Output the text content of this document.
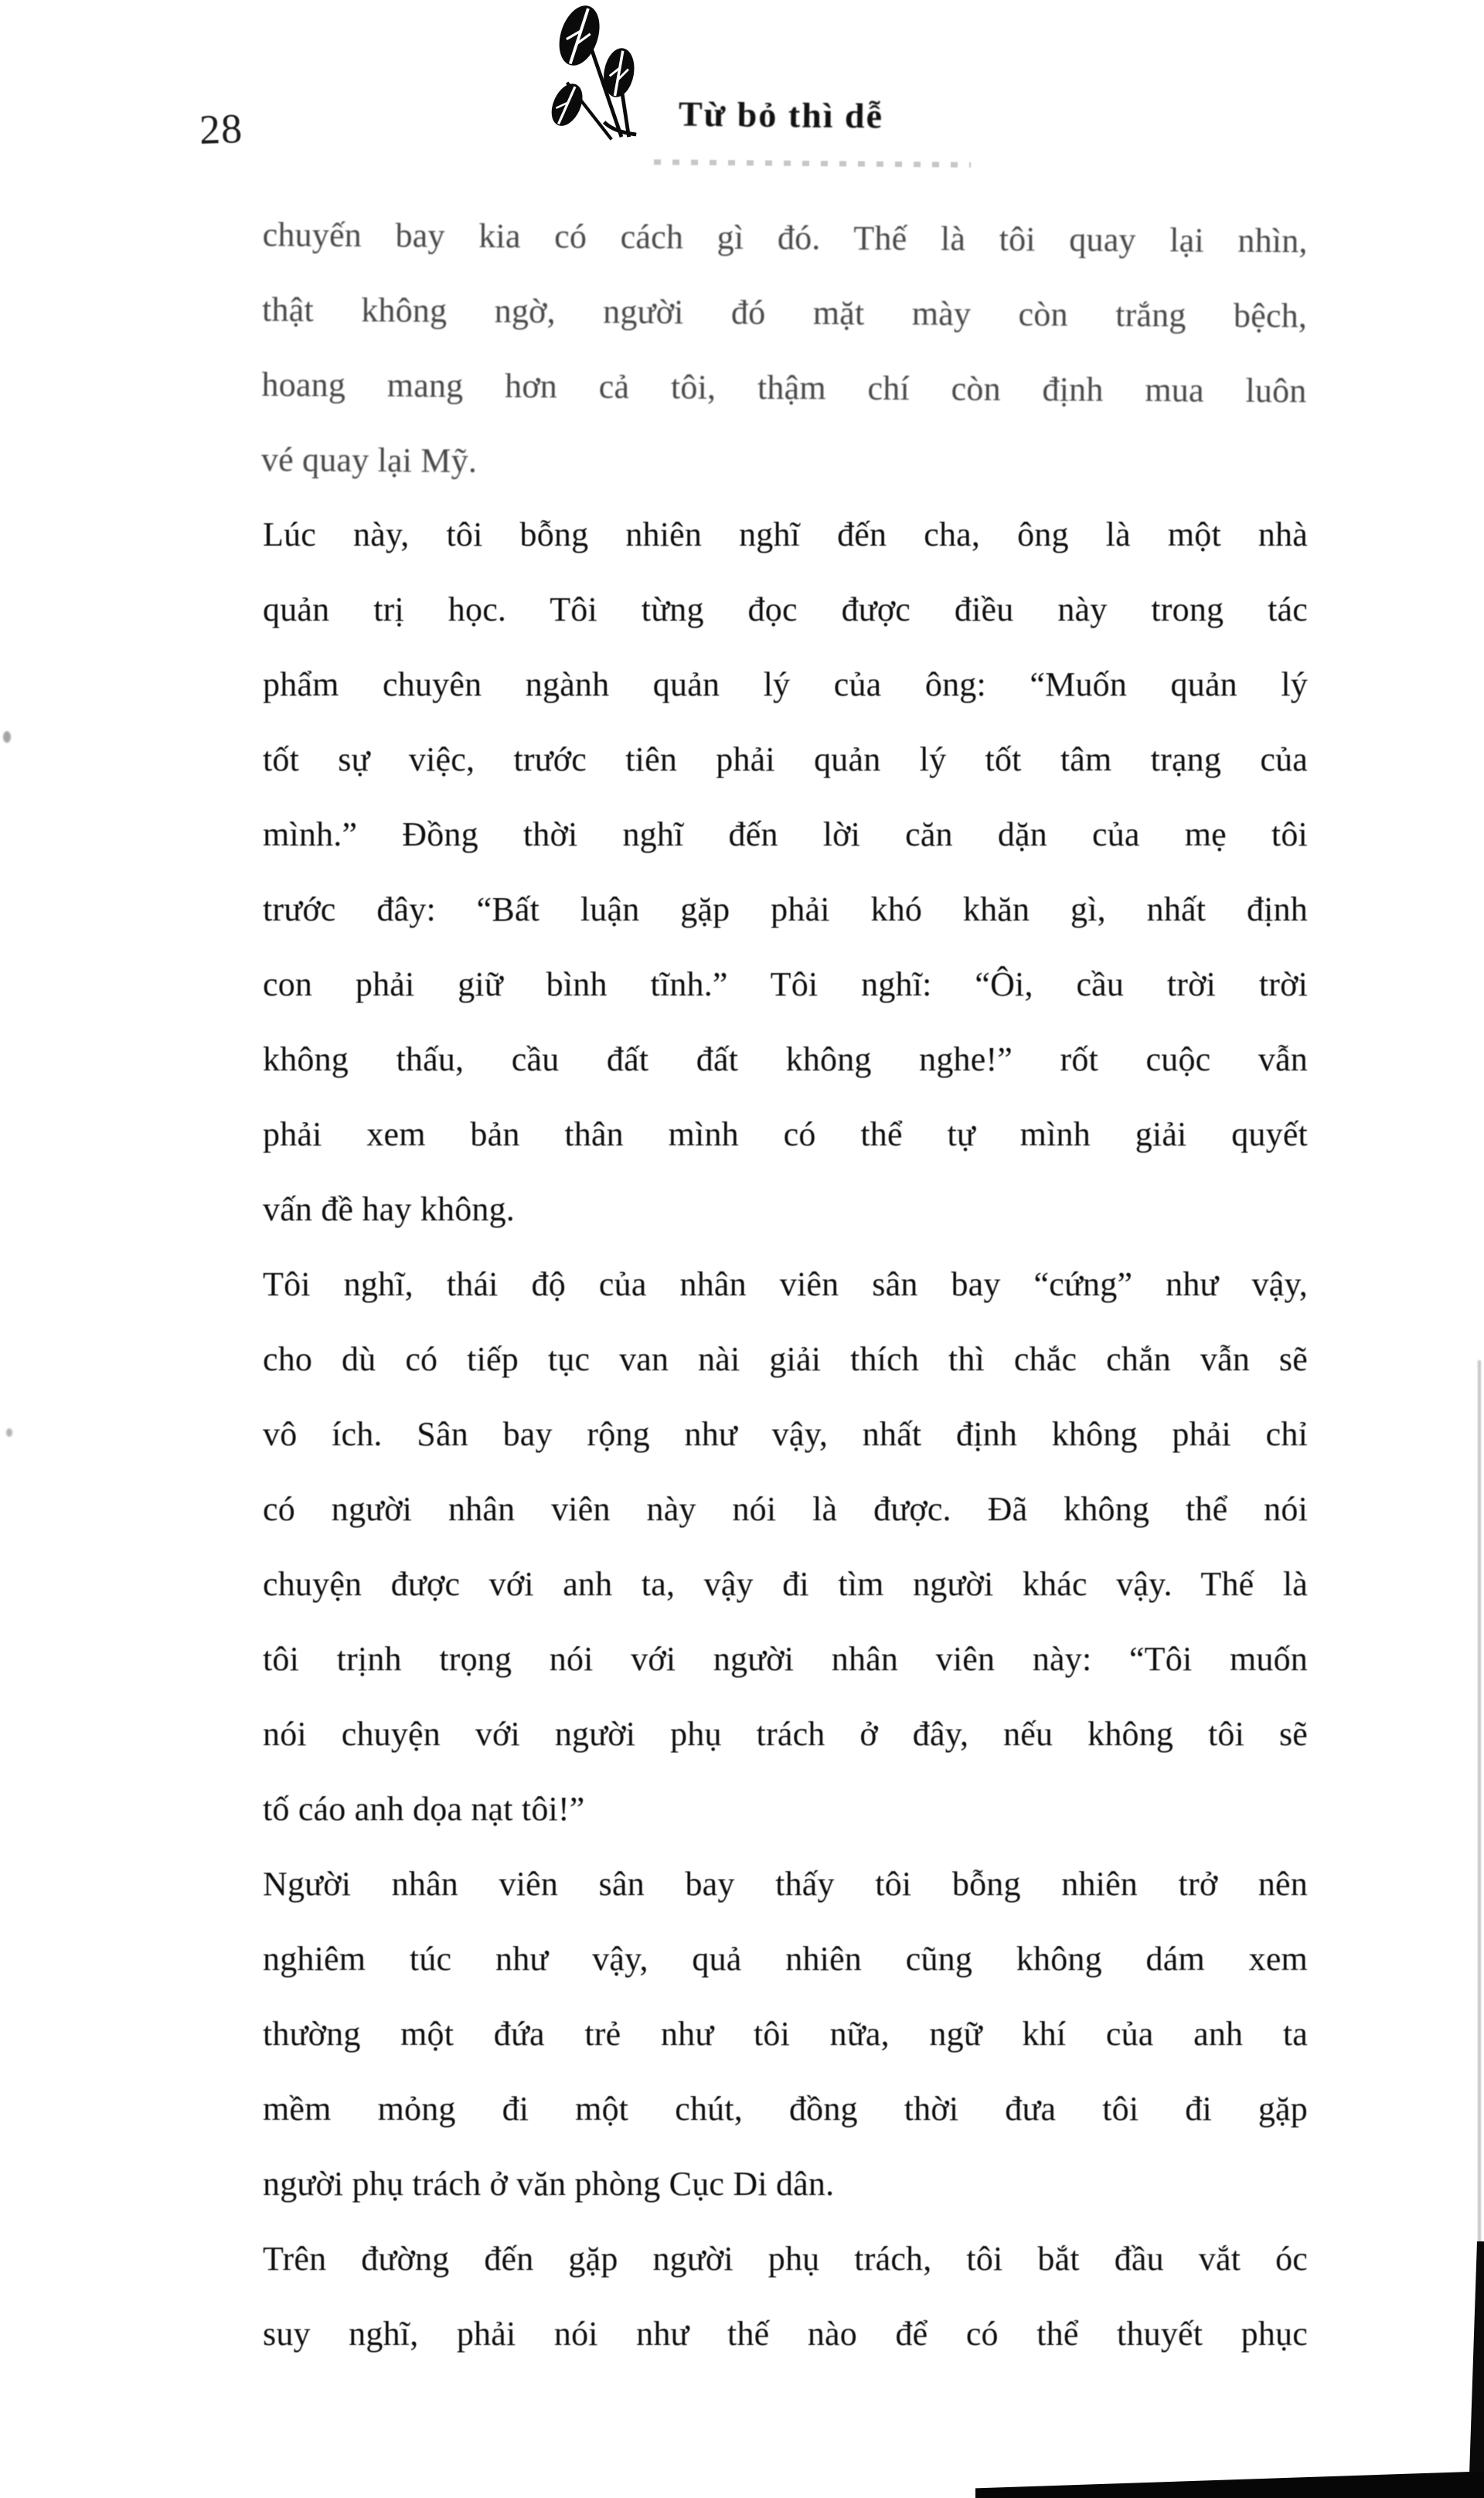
28	Từ bỏ thì dễ

chuyến bay kia có cách gì đó. Thế là tôi quay lại nhìn,
thật không ngờ, người đó mặt mày còn trắng bệch,
hoang mang hơn cả tôi, thậm chí còn định mua luôn
vé quay lại Mỹ.

Lúc này, tôi bỗng nhiên nghĩ đến cha, ông là một nhà
quản trị học. Tôi từng đọc được điều này trong tác
phẩm chuyên ngành quản lý của ông: “Muốn quản lý
tốt sự việc, trước tiên phải quản lý tốt tâm trạng của
mình.” Đồng thời nghĩ đến lời căn dặn của mẹ tôi
trước đây: “Bất luận gặp phải khó khăn gì, nhất định
con phải giữ bình tĩnh.” Tôi nghĩ: “Ôi, cầu trời trời
không thấu, cầu đất đất không nghe!” rốt cuộc vẫn
phải xem bản thân mình có thể tự mình giải quyết
vấn đề hay không.

Tôi nghĩ, thái độ của nhân viên sân bay “cứng” như vậy,
cho dù có tiếp tục van nài giải thích thì chắc chắn vẫn sẽ
vô ích. Sân bay rộng như vậy, nhất định không phải chỉ
có người nhân viên này nói là được. Đã không thể nói
chuyện được với anh ta, vậy đi tìm người khác vậy. Thế là
tôi trịnh trọng nói với người nhân viên này: “Tôi muốn
nói chuyện với người phụ trách ở đây, nếu không tôi sẽ
tố cáo anh dọa nạt tôi!”

Người nhân viên sân bay thấy tôi bỗng nhiên trở nên
nghiêm túc như vậy, quả nhiên cũng không dám xem
thường một đứa trẻ như tôi nữa, ngữ khí của anh ta
mềm mỏng đi một chút, đồng thời đưa tôi đi gặp
người phụ trách ở văn phòng Cục Di dân.

Trên đường đến gặp người phụ trách, tôi bắt đầu vắt óc
suy nghĩ, phải nói như thế nào để có thể thuyết phục
